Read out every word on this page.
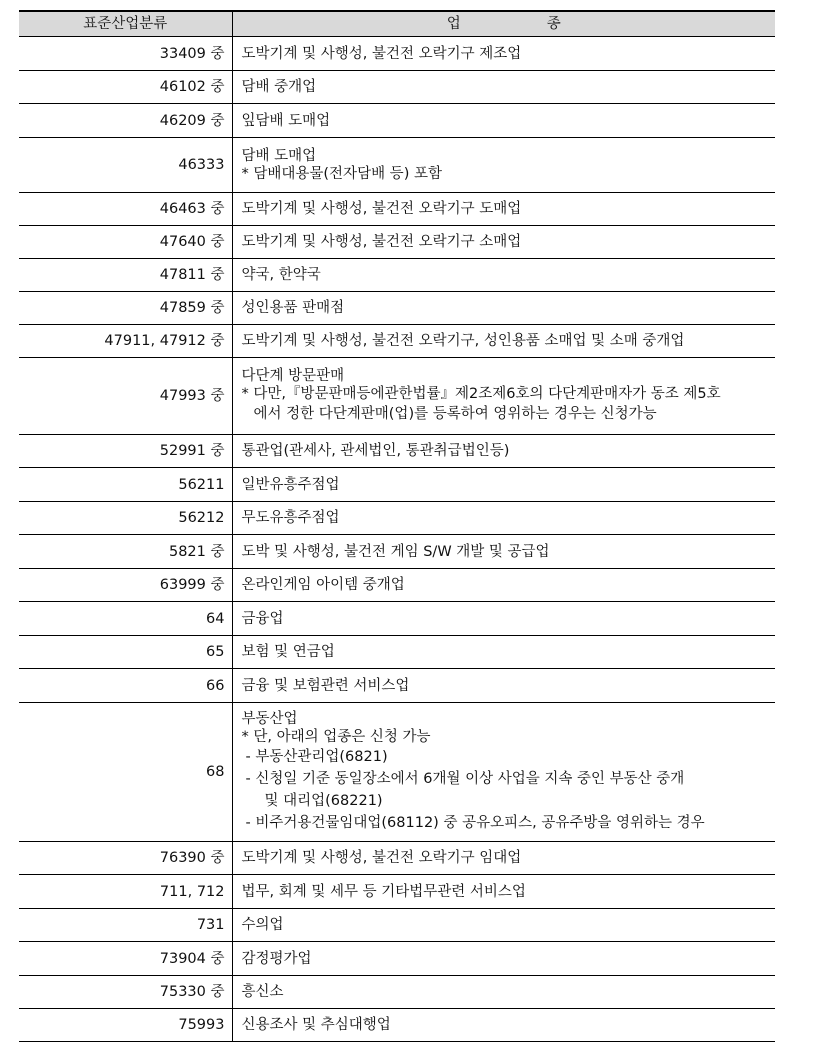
표준산업분류	업 종
33409 중	도박기계 및 사행성, 불건전 오락기구 제조업

46102 중	담배 중개업

46209 중	잎담배 도매업

46333	담배 도매업
* 담배대용물(전자담배 등) 포함

46463 중	도박기계 및 사행성, 불건전 오락기구 도매업

47640 중	도박기계 및 사행성, 불건전 오락기구 소매업

47811 중	약국, 한약국

47859 중	성인용품 판매점

47911, 47912 중	도박기계 및 사행성, 불건전 오락기구, 성인용품 소매업 및 소매 중개업

47993 중	다단계 방문판매
* 다만,『방문판매등에관한법률』제2조제6호의 다단계판매자가 동조 제5호
에서 정한 다단계판매(업)를 등록하여 영위하는 경우는 신청가능

52991 중	통관업(관세사, 관세법인, 통관취급법인등)

56211	일반유흥주점업

56212	무도유흥주점업

5821 중	도박 및 사행성, 불건전 게임 S/W 개발 및 공급업

63999 중	온라인게임 아이템 중개업

64	금융업

65	보험 및 연금업

66	금융 및 보험관련 서비스업

68	
부동산업
* 단, 아래의 업종은 신청 가능
- 부동산관리업(6821)
- 신청일 기준 동일장소에서 6개월 이상 사업을 지속 중인 부동산 중개
및 대리업(68221)
- 비주거용건물임대업(68112) 중 공유오피스, 공유주방을 영위하는 경우

76390 중	도박기계 및 사행성, 불건전 오락기구 임대업

711, 712	법무, 회계 및 세무 등 기타법무관련 서비스업

731	수의업

73904 중	감정평가업

75330 중	흥신소

75993	신용조사 및 추심대행업
